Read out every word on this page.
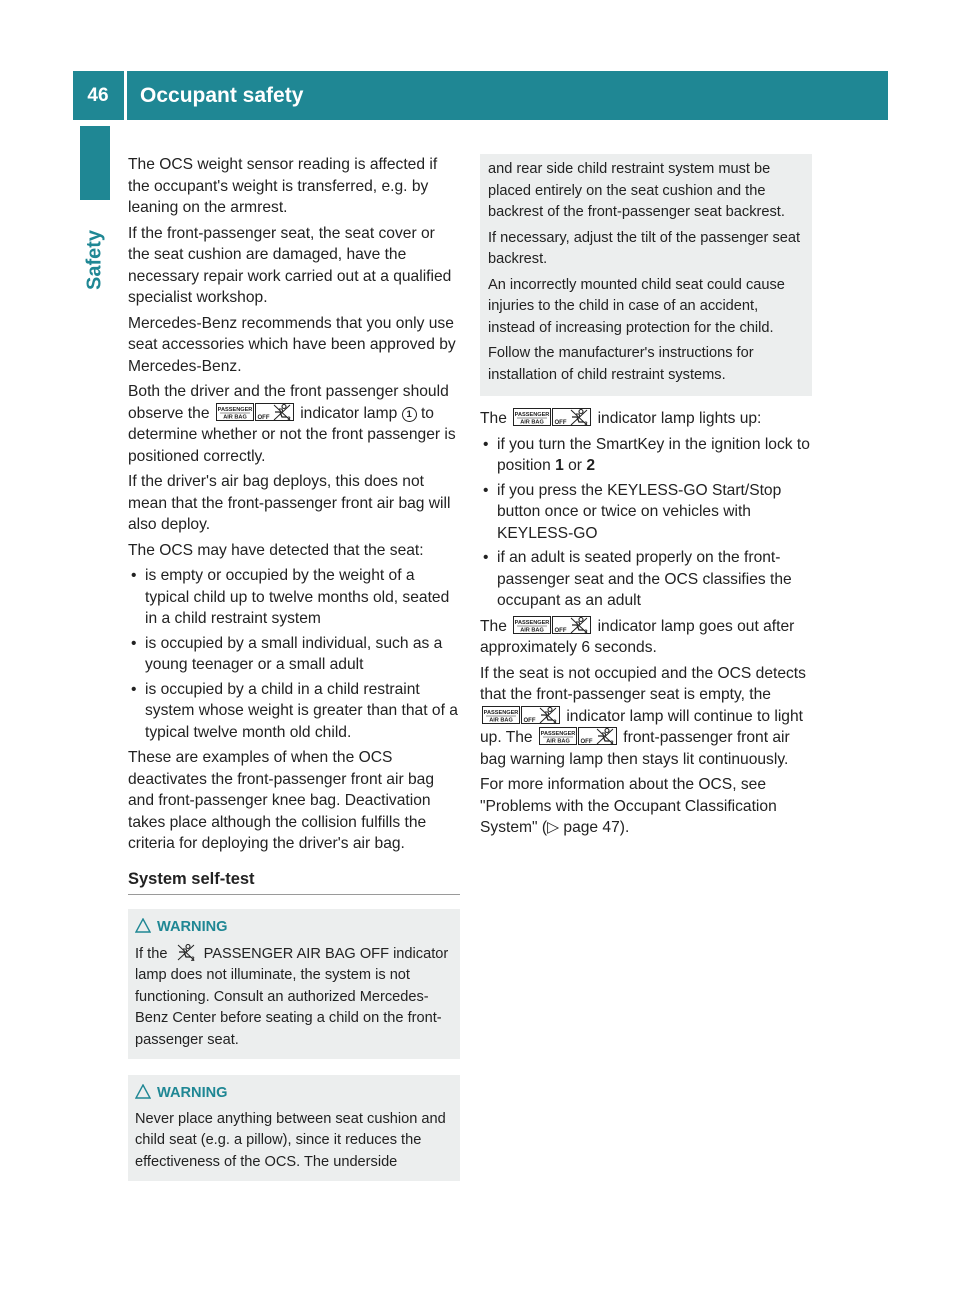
46	Occupant safety
Safety

The OCS weight sensor reading is affected if the occupant's weight is transferred, e.g. by leaning on the armrest.

If the front-passenger seat, the seat cover or the seat cushion are damaged, have the necessary repair work carried out at a qualified specialist workshop.

Mercedes-Benz recommends that you only use seat accessories which have been approved by Mercedes-Benz.

Both the driver and the front passenger should observe the PASSENGER
AIR BAG OFF indicator lamp 1 to determine whether or not the front passenger is positioned correctly.

If the driver's air bag deploys, this does not mean that the front-passenger front air bag will also deploy.

The OCS may have detected that the seat:

• is empty or occupied by the weight of a typical child up to twelve months old, seated in a child restraint system
• is occupied by a small individual, such as a young teenager or a small adult
• is occupied by a child in a child restraint system whose weight is greater than that of a typical twelve month old child.

These are examples of when the OCS deactivates the front-passenger front air bag and front-passenger knee bag. Deactivation takes place although the collision fulfills the criteria for deploying the driver's air bag.

System self-test
WARNING
If the PASSENGER AIR BAG OFF indicator lamp does not illuminate, the system is not functioning. Consult an authorized Mercedes-Benz Center before seating a child on the front-passenger seat.
WARNING
Never place anything between seat cushion and child seat (e.g. a pillow), since it reduces the effectiveness of the OCS. The underside

and rear side child restraint system must be placed entirely on the seat cushion and the backrest of the front-passenger seat backrest.

If necessary, adjust the tilt of the passenger seat backrest.

An incorrectly mounted child seat could cause injuries to the child in case of an accident, instead of increasing protection for the child.

Follow the manufacturer's instructions for installation of child restraint systems.

The PASSENGER
AIR BAG OFF indicator lamp lights up:

• if you turn the SmartKey in the ignition lock to position 1 or 2
• if you press the KEYLESS-GO Start/Stop button once or twice on vehicles with KEYLESS-GO
• if an adult is seated properly on the front-passenger seat and the OCS classifies the occupant as an adult

The PASSENGER
AIR BAG OFF indicator lamp goes out after approximately 6 seconds.

If the seat is not occupied and the OCS detects that the front-passenger seat is empty, the
PASSENGER
AIR BAG OFF indicator lamp will continue to light up. The PASSENGER
AIR BAG OFF front-passenger front air bag warning lamp then stays lit continuously.

For more information about the OCS, see "Problems with the Occupant Classification System" (▷ page 47).
